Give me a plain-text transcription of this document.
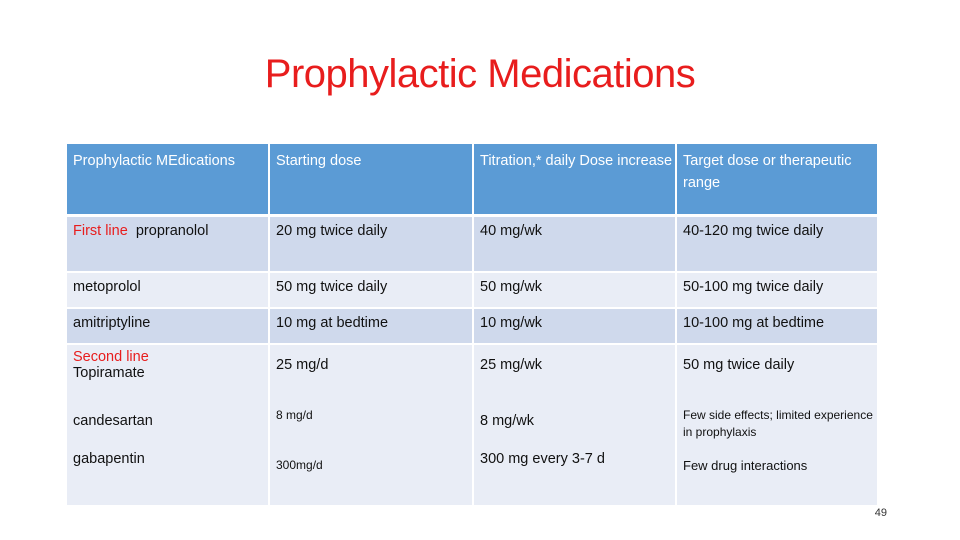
Prophylactic Medications
Prophylactic MEdications	Starting dose	Titration,* daily Dose increase	Target dose or therapeutic range
First line propranolol	20 mg twice daily	40 mg/wk	40-120 mg twice daily
metoprolol	50 mg twice daily	50 mg/wk	50-100 mg twice daily
amitriptyline	10 mg at bedtime	10 mg/wk	10-100 mg at bedtime

Second line
Topiramate	25 mg/d	25 mg/wk	50 mg twice daily
candesartan	8 mg/d	8 mg/wk	Few side effects; limited experience in prophylaxis
gabapentin	300mg/d	300 mg every 3-7 d	Few drug interactions
49
